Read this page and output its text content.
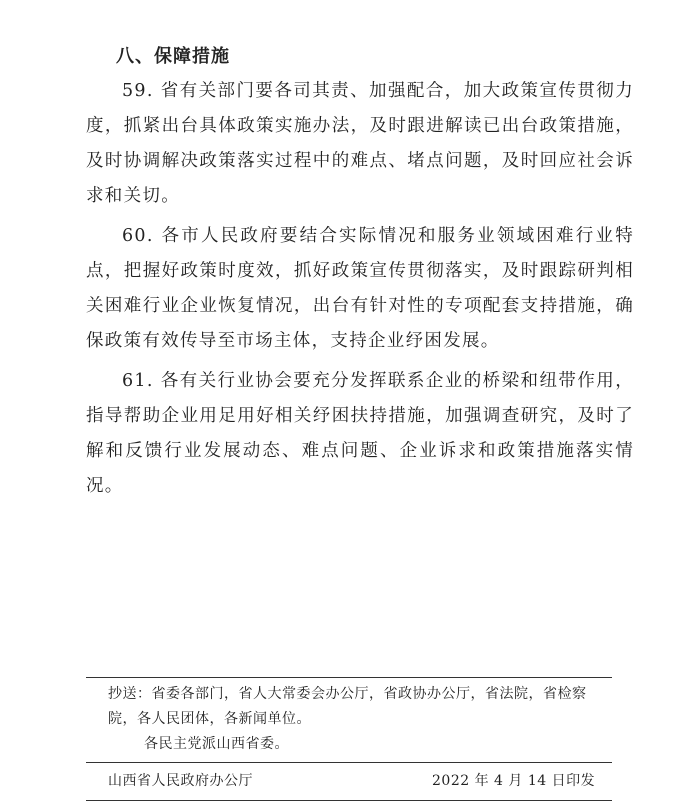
八、保障措施

59. 省有关部门要各司其责、加强配合，加大政策宣传贯彻力度，抓紧出台具体政策实施办法，及时跟进解读已出台政策措施，及时协调解决政策落实过程中的难点、堵点问题，及时回应社会诉求和关切。

60. 各市人民政府要结合实际情况和服务业领域困难行业特点，把握好政策时度效，抓好政策宣传贯彻落实，及时跟踪研判相关困难行业企业恢复情况，出台有针对性的专项配套支持措施，确保政策有效传导至市场主体，支持企业纾困发展。

61. 各有关行业协会要充分发挥联系企业的桥梁和纽带作用，指导帮助企业用足用好相关纾困扶持措施，加强调查研究，及时了解和反馈行业发展动态、难点问题、企业诉求和政策措施落实情况。

抄送：省委各部门，省人大常委会办公厅，省政协办公厅，省法院，省检察院，各人民团体，各新闻单位。
各民主党派山西省委。
山西省人民政府办公厅	2022 年 4 月 14 日印发
